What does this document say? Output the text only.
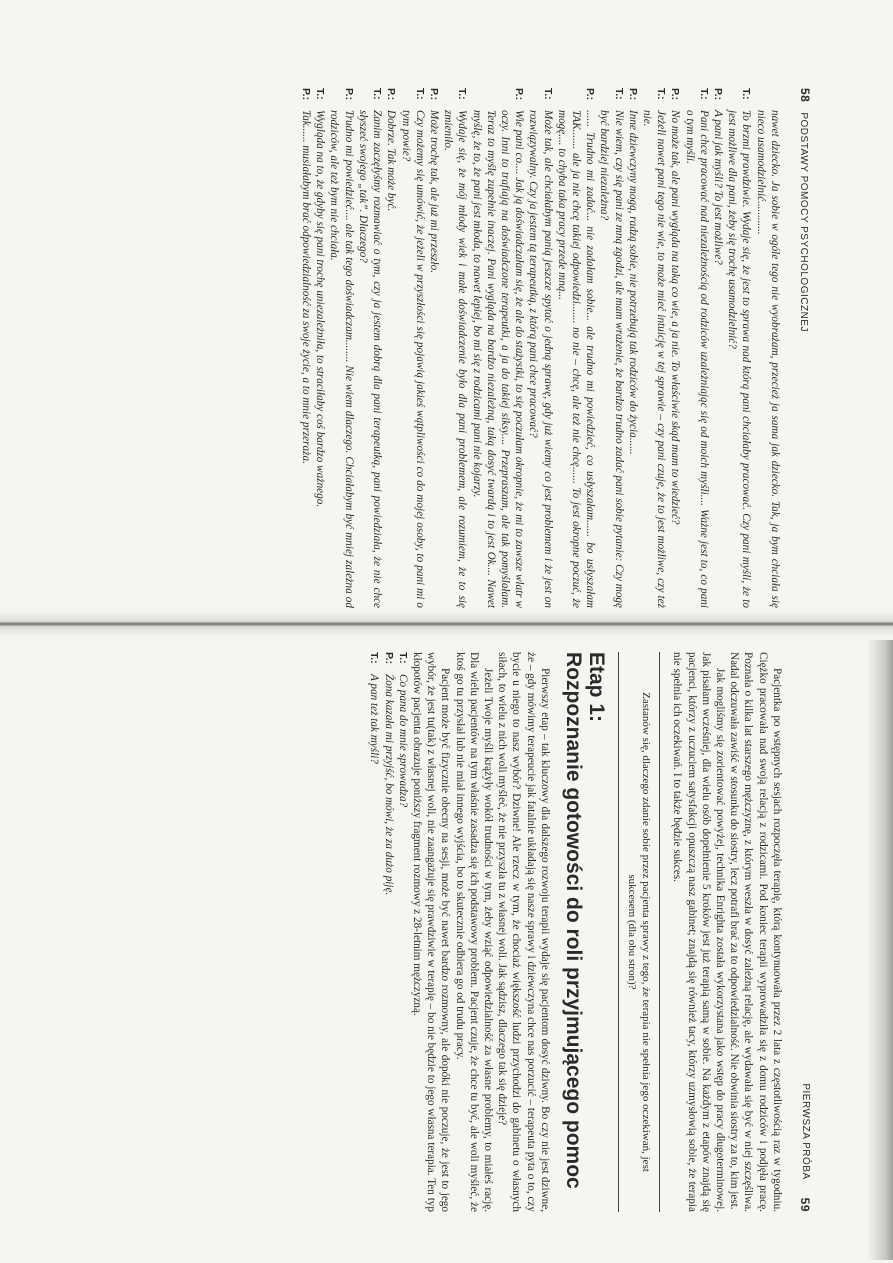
58PODSTAWY POMOCY PSYCHOLOGICZNEJ
nawet dziecko. Ja sobie w ogóle tego nie wyobrażam, przecież ja sama jak dziecko. Tak, ja bym chciała się nieco usamodzielnić............
T.:
To brzmi prawdziwie. Wydaje się, że jest to sprawa nad którą pani chciałaby pracować. Czy pani myśli, że to jest możliwe dla pani, żeby się trochę usamodzielnić?
P.:
A pani jak myśli? To jest możliwe?
T.:
Pani chce pracować nad niezależnością od rodziców uzależniając się od moich myśli.... Ważne jest to, co pani o tym myśli.
P.:
No może tak, ale pani wygląda na taką co wie, a ja nie. To właściwie skąd mam to wiedzieć?
T.:
Jeżeli nawet pani tego nie wie, to może mieć intuicję w tej sprawie – czy pani czuje, że to jest możliwe, czy też nie.
P.:
Inne dziewczyny mogą, radzą sobie, nie potrzebują tak rodziców do życia......
T.:
Nie wiem, czy się pani ze mną zgodzi, ale mam wrażenie, że bardzo trudno zadać pani sobie pytanie: Czy mogę być bardziej niezależna?
P.:
...... Trudno mi zadać... nie zadałam sobie... ale trudno mi powiedzieć, co usłyszałam...... bo usłyszałam TAK....... ale ja nie chcę takiej odpowiedzi....... no nie – chcę, ale też nie chcę...... To jest okropne poczuć, że mogę.... to chyba taka pracy przede mną...
T.:
Może tak, ale chciałabym panią jeszcze spytać o jedną sprawę, gdy już wiemy co jest problemem i że jest on rozwiązywalny. Czy ja jestem tą terapeutką, z którą pani chce pracować?
P.:
Wie pani co.... Jak ją doświadczałam się, że ale do stażystki, to się poczułam okropnie, że mi to zawsze wlatr w oczy. Inni to trafiają na doświadczone terapeutki, a ja do takiej siksy.... Przepraszam, ale tak pomyślałam. Teraz to myślę zupełnie inaczej. Pani wygląda na bardzo niezależną, taką dosyć twardą i to jest Ok.... Nawet myślę, że to, że pani jest młoda, to nawet lepiej, bo mi się z rodzicami pani nie kojarzy.
T.:
Wydaje się, że mój młody wiek i małe doświadczenie było dla pani problemem, ale rozumiem, że to się zmieniło.
P.:
Może trochę tak, ale już mi przeszło.
T.:
Czy możemy się umówić, że jeżeli w przyszłości się pojawią jakieś wątpliwości co do mojej osoby, to pani mi o tym powie?
P.:
Dobrze. Tak może być.
T.:
Zanim zaczęłyśmy rozmawiać o tym, czy ja jestem dobrą dla pani terapeutką, pani powiedziała, że nie chce słyszeć swojego „tak”. Dlaczego?
P.:
Trudno mi powiedzieć.... ale tak tego doświadczam........ Nie wiem dlaczego. Chciałabym być mniej zależna od rodziców, ale też bym nie chciała.
T.:
Wygląda na to, że gdyby się pani trochę uniezależniła, to straciłaby coś bardzo ważnego.
P.:
Tak...... musiałabym brać odpowiedzialność za swoje życie, a to mnie przeraża.
PIERWSZA PRÓBA
59

Pacjentka po wstępnych sesjach rozpoczęła terapię, którą kontynuowała przez 2 lata z częstotliwością raz w tygodniu. Ciężko pracowała nad swoją relacją z rodzicami. Pod koniec terapii wyprowadziła się z domu rodziców i podjęła pracę. Poznała o kilka lat starszego mężczyznę, z którym weszła w dosyć zależną relację, ale wydawała się być w niej szczęśliwa. Nadal odczuwała zawiść w stosunku do siostry, lecz potrafi brać za to odpowiedzialność. Nie obwinia siostry za to, kim jest.

Jak mogliśmy się zorientować powyżej, technika Enrighta została wykorzystana jako wstęp do pracy długoterminowej. Jak pisałam wcześniej, dla wielu osób dopełnienie 5 kroków jest już terapią samą w sobie. Na każdym z etapów znajdą się pacjenci, którzy z uczuciem satysfakcji opuszczą nasz gabinet; znajdą się również tacy, którzy uzmysłowią sobie, że terapia nie spełnia ich oczekiwań. I to także będzie sukces.

Zastanów się, dlaczego zdanie sobie przez pacjenta sprawy z tego, że terapia nie spełnia jego oczekiwań, jest sukcesem (dla obu stron)?
Etap 1:
Rozpoznanie gotowości do roli przyjmującego pomoc

Pierwszy etap – tak kluczowy dla dalszego rozwoju terapii wydaje się pacjentom dosyć dziwny. Bo czy nie jest dziwne, że – gdy mówimy terapeucie jak fatalnie układają się nasze sprawy i dziewczyna chce nas porzucić – terapeuta pyta o to, czy bycie u niego to nasz wybór? Dziwne! Ale rzecz w tym, że chociaż większość ludzi przychodzi do gabinetu o własnych siłach, to wielu z nich woli myśleć, że nie przyszła tu z własnej woli. Jak sądzisz, dlaczego tak się dzieje?

Jeżeli Twoje myśli krążyły wokół trudności w tym, żeby wziąć odpowiedzialność za własne problemy, to miałeś rację. Dla wielu pacjentów na tym właśnie zasadza się ich podstawowy problem. Pacjent czuje, że chce tu być, ale woli myśleć, że ktoś go tu przysłał lub nie miał innego wyjścia, bo to skutecznie odbiera go od trudu pracy.

Pacjent może być fizycznie obecny na sesji, może być nawet bardzo rozmowny, ale dopóki nie poczuje, że jest to jego wybór, że jest tu(tak) z własnej woli, nie zaangażuje się prawdziwie w terapię – bo nie będzie to jego własna terapia. Ten typ kłopotów pacjenta obrazuje poniższy fragment rozmowy z 28-letnim mężczyzną.

T.:
Co pana do mnie sprowadza?
P.:
Żona kazała mi przyjść, bo mówi, że za dużo piję.
T.:
A pan też tak myśli?
